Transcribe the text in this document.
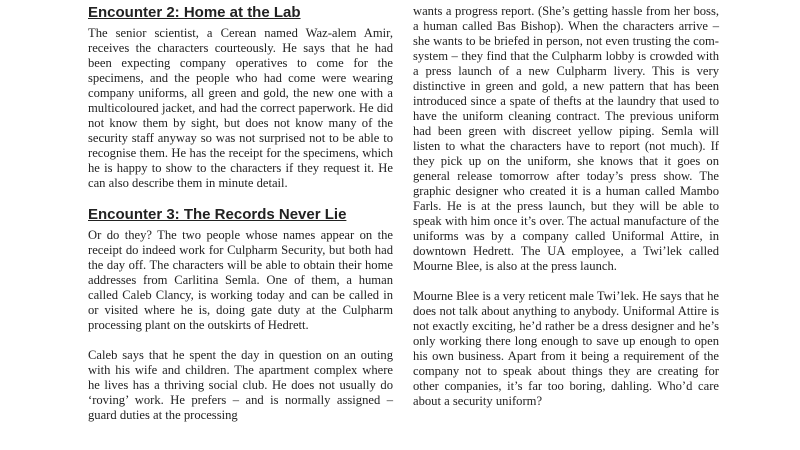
Encounter 2: Home at the Lab

The senior scientist, a Cerean named Waz-alem Amir, receives the characters courteously. He says that he had been expecting company operatives to come for the specimens, and the people who had come were wearing company uniforms, all green and gold, the new one with a multicoloured jacket, and had the correct paperwork. He did not know them by sight, but does not know many of the security staff anyway so was not surprised not to be able to recognise them. He has the receipt for the specimens, which he is happy to show to the characters if they request it. He can also describe them in minute detail.

Encounter 3: The Records Never Lie

Or do they? The two people whose names appear on the receipt do indeed work for Culpharm Security, but both had the day off. The characters will be able to obtain their home addresses from Carlitina Semla. One of them, a human called Caleb Clancy, is working today and can be called in or visited where he is, doing gate duty at the Culpharm processing plant on the outskirts of Hedrett.

Caleb says that he spent the day in question on an outing with his wife and children. The apartment complex where he lives has a thriving social club. He does not usually do ‘roving’ work. He prefers – and is normally assigned – guard duties at the processing

wants a progress report. (She’s getting hassle from her boss, a human called Bas Bishop). When the characters arrive – she wants to be briefed in person, not even trusting the com-system – they find that the Culpharm lobby is crowded with a press launch of a new Culpharm livery. This is very distinctive in green and gold, a new pattern that has been introduced since a spate of thefts at the laundry that used to have the uniform cleaning contract. The previous uniform had been green with discreet yellow piping. Semla will listen to what the characters have to report (not much). If they pick up on the uniform, she knows that it goes on general release tomorrow after today’s press show. The graphic designer who created it is a human called Mambo Farls. He is at the press launch, but they will be able to speak with him once it’s over. The actual manufacture of the uniforms was by a company called Uniformal Attire, in downtown Hedrett. The UA employee, a Twi’lek called Mourne Blee, is also at the press launch.

Mourne Blee is a very reticent male Twi’lek. He says that he does not talk about anything to anybody. Uniformal Attire is not exactly exciting, he’d rather be a dress designer and he’s only working there long enough to save up enough to open his own business. Apart from it being a requirement of the company not to speak about things they are creating for other companies, it’s far too boring, dahling. Who’d care about a security uniform?
